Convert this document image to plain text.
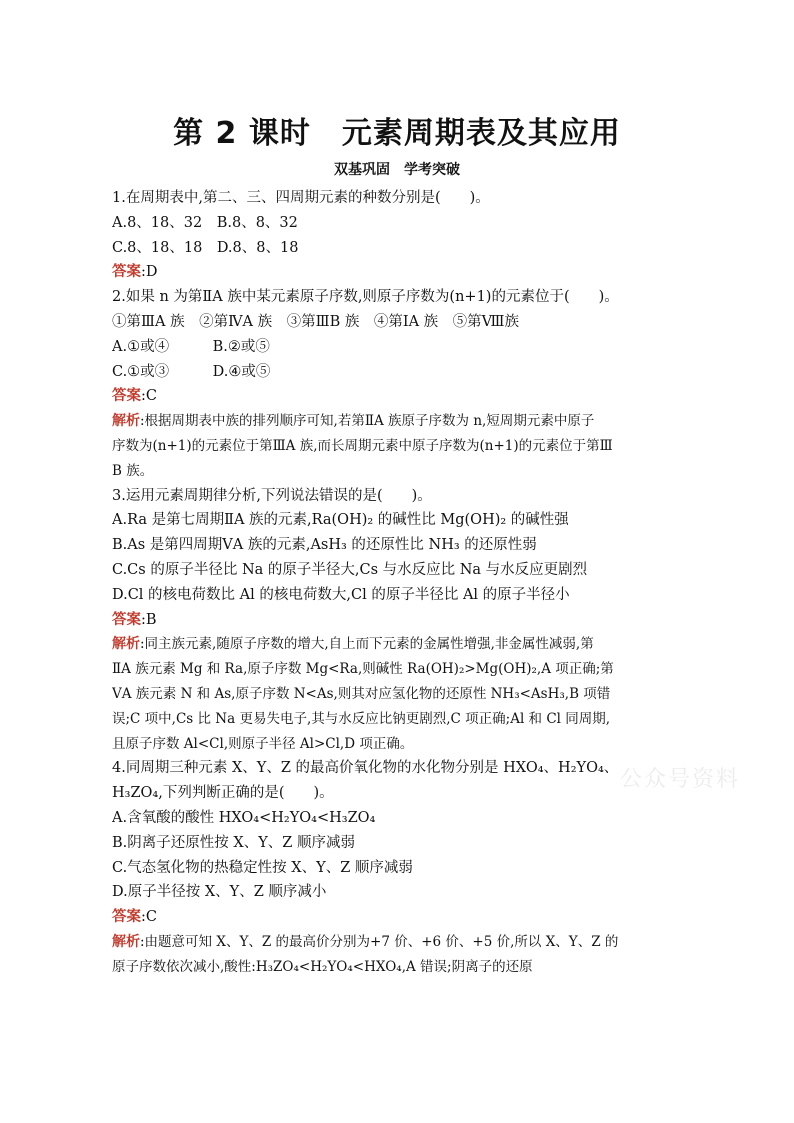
第 2 课时　元素周期表及其应用
双基巩固　学考突破

1.在周期表中,第二、三、四周期元素的种数分别是(　　)。

A.8、18、32　B.8、8、32

C.8、18、18　D.8、8、18

答案:D

2.如果 n 为第ⅡA 族中某元素原子序数,则原子序数为(n+1)的元素位于(　　)。

①第ⅢA 族　②第ⅣA 族　③第ⅢB 族　④第ⅠA 族　⑤第Ⅷ族

A.①或④　　　B.②或⑤

C.①或③　　　D.④或⑤

答案:C

解析:根据周期表中族的排列顺序可知,若第ⅡA 族原子序数为 n,短周期元素中原子

序数为(n+1)的元素位于第ⅢA 族,而长周期元素中原子序数为(n+1)的元素位于第Ⅲ

B 族。

3.运用元素周期律分析,下列说法错误的是(　　)。

A.Ra 是第七周期ⅡA 族的元素,Ra(OH)₂ 的碱性比 Mg(OH)₂ 的碱性强

B.As 是第四周期ⅤA 族的元素,AsH₃ 的还原性比 NH₃ 的还原性弱

C.Cs 的原子半径比 Na 的原子半径大,Cs 与水反应比 Na 与水反应更剧烈

D.Cl 的核电荷数比 Al 的核电荷数大,Cl 的原子半径比 Al 的原子半径小

答案:B

解析:同主族元素,随原子序数的增大,自上而下元素的金属性增强,非金属性减弱,第

ⅡA 族元素 Mg 和 Ra,原子序数 Mg<Ra,则碱性 Ra(OH)₂>Mg(OH)₂,A 项正确;第

ⅤA 族元素 N 和 As,原子序数 N<As,则其对应氢化物的还原性 NH₃<AsH₃,B 项错

误;C 项中,Cs 比 Na 更易失电子,其与水反应比钠更剧烈,C 项正确;Al 和 Cl 同周期,

且原子序数 Al<Cl,则原子半径 Al>Cl,D 项正确。

4.同周期三种元素 X、Y、Z 的最高价氧化物的水化物分别是 HXO₄、H₂YO₄、

H₃ZO₄,下列判断正确的是(　　)。

A.含氧酸的酸性 HXO₄<H₂YO₄<H₃ZO₄

B.阴离子还原性按 X、Y、Z 顺序减弱

C.气态氢化物的热稳定性按 X、Y、Z 顺序减弱

D.原子半径按 X、Y、Z 顺序减小

答案:C

解析:由题意可知 X、Y、Z 的最高价分别为+7 价、+6 价、+5 价,所以 X、Y、Z 的

原子序数依次减小,酸性:H₃ZO₄<H₂YO₄<HXO₄,A 错误;阴离子的还原

公众号资料
